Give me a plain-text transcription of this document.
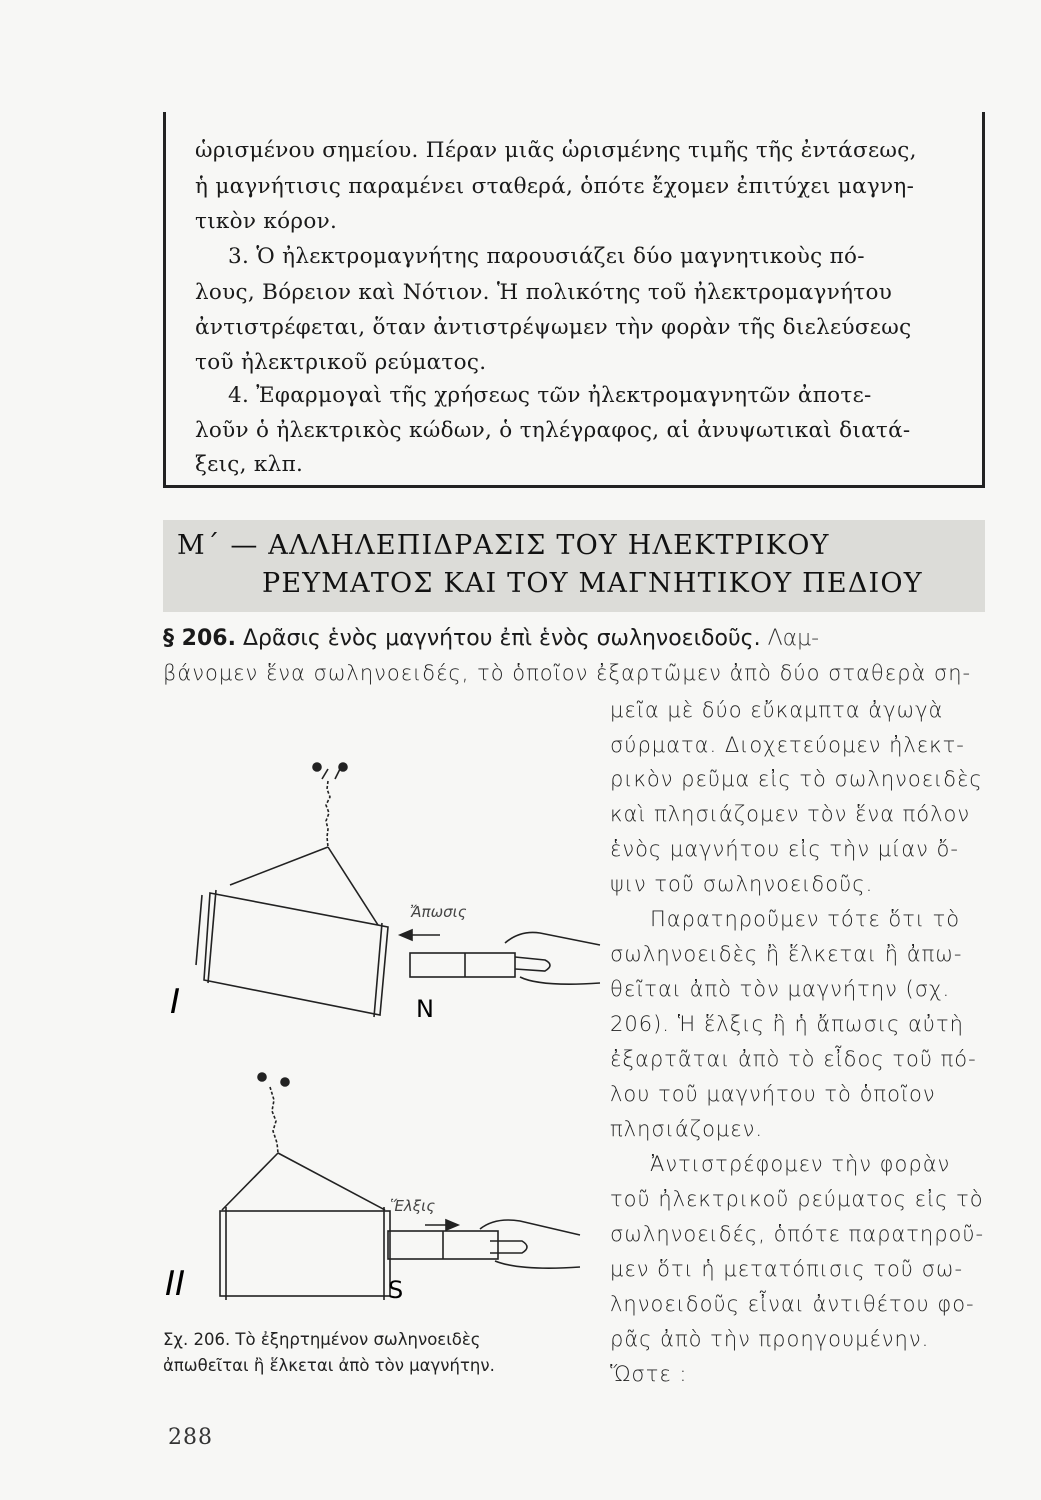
ὡρισμένου σημείου. Πέραν μιᾶς ὡρισμένης τιμῆς τῆς ἐντάσεως,
ἡ μαγνήτισις παραμένει σταθερά, ὁπότε ἔχομεν ἐπιτύχει μαγνη-
τικὸν κόρον.
3. Ὁ ἠλεκτρομαγνήτης παρουσιάζει δύο μαγνητικοὺς πό-
λους, Βόρειον καὶ Νότιον. Ἡ πολικότης τοῦ ἠλεκτρομαγνήτου
ἀντιστρέφεται, ὅταν ἀντιστρέψωμεν τὴν φορὰν τῆς διελεύσεως
τοῦ ἠλεκτρικοῦ ρεύματος.
4. Ἐφαρμογαὶ τῆς χρήσεως τῶν ἠλεκτρομαγνητῶν ἀποτε-
λοῦν ὁ ἠλεκτρικὸς κώδων, ὁ τηλέγραφος, αἱ ἀνυψωτικαὶ διατά-
ξεις, κλπ.
Μ΄ — ΑΛΛΗΛΕΠΙΔΡΑΣΙΣ ΤΟΥ ΗΛΕΚΤΡΙΚΟΥ
ΡΕΥΜΑΤΟΣ ΚΑΙ ΤΟΥ ΜΑΓΝΗΤΙΚΟΥ ΠΕΔΙΟΥ
§ 206. Δρᾶσις ἑνὸς μαγνήτου ἐπὶ ἑνὸς σωληνοειδοῦς. Λαμ-
βάνομεν ἕνα σωληνοειδές, τὸ ὁποῖον ἐξαρτῶμεν ἀπὸ δύο σταθερὰ ση-
μεῖα μὲ δύο εὔκαμπτα ἀγωγὰ
σύρματα. Διοχετεύομεν ἠλεκτ-
ρικὸν ρεῦμα εἰς τὸ σωληνοειδὲς
καὶ πλησιάζομεν τὸν ἕνα πόλον
ἑνὸς μαγνήτου εἰς τὴν μίαν ὄ-
ψιν τοῦ σωληνοειδοῦς.
Παρατηροῦμεν τότε ὅτι τὸ
σωληνοειδὲς ἢ ἕλκεται ἢ ἀπω-
θεῖται ἀπὸ τὸν μαγνήτην (σχ.
206). Ἡ ἕλξις ἢ ἡ ἄπωσις αὐτὴ
ἐξαρτᾶται ἀπὸ τὸ εἶδος τοῦ πό-
λου τοῦ μαγνήτου τὸ ὁποῖον
πλησιάζομεν.
Ἀντιστρέφομεν τὴν φορὰν
τοῦ ἠλεκτρικοῦ ρεύματος εἰς τὸ
σωληνοειδές, ὁπότε παρατηροῦ-
μεν ὅτι ἡ μετατόπισις τοῦ σω-
ληνοειδοῦς εἶναι ἀντιθέτου φο-
ρᾶς ἀπὸ τὴν προηγουμένην.
Ὥστε :
I	N
Ἄπωσις
II	S
Ἕλξις
Σχ. 206. Τὸ ἐξηρτημένον σωληνοειδὲς
ἀπωθεῖται ἢ ἕλκεται ἀπὸ τὸν μαγνήτην.
288
